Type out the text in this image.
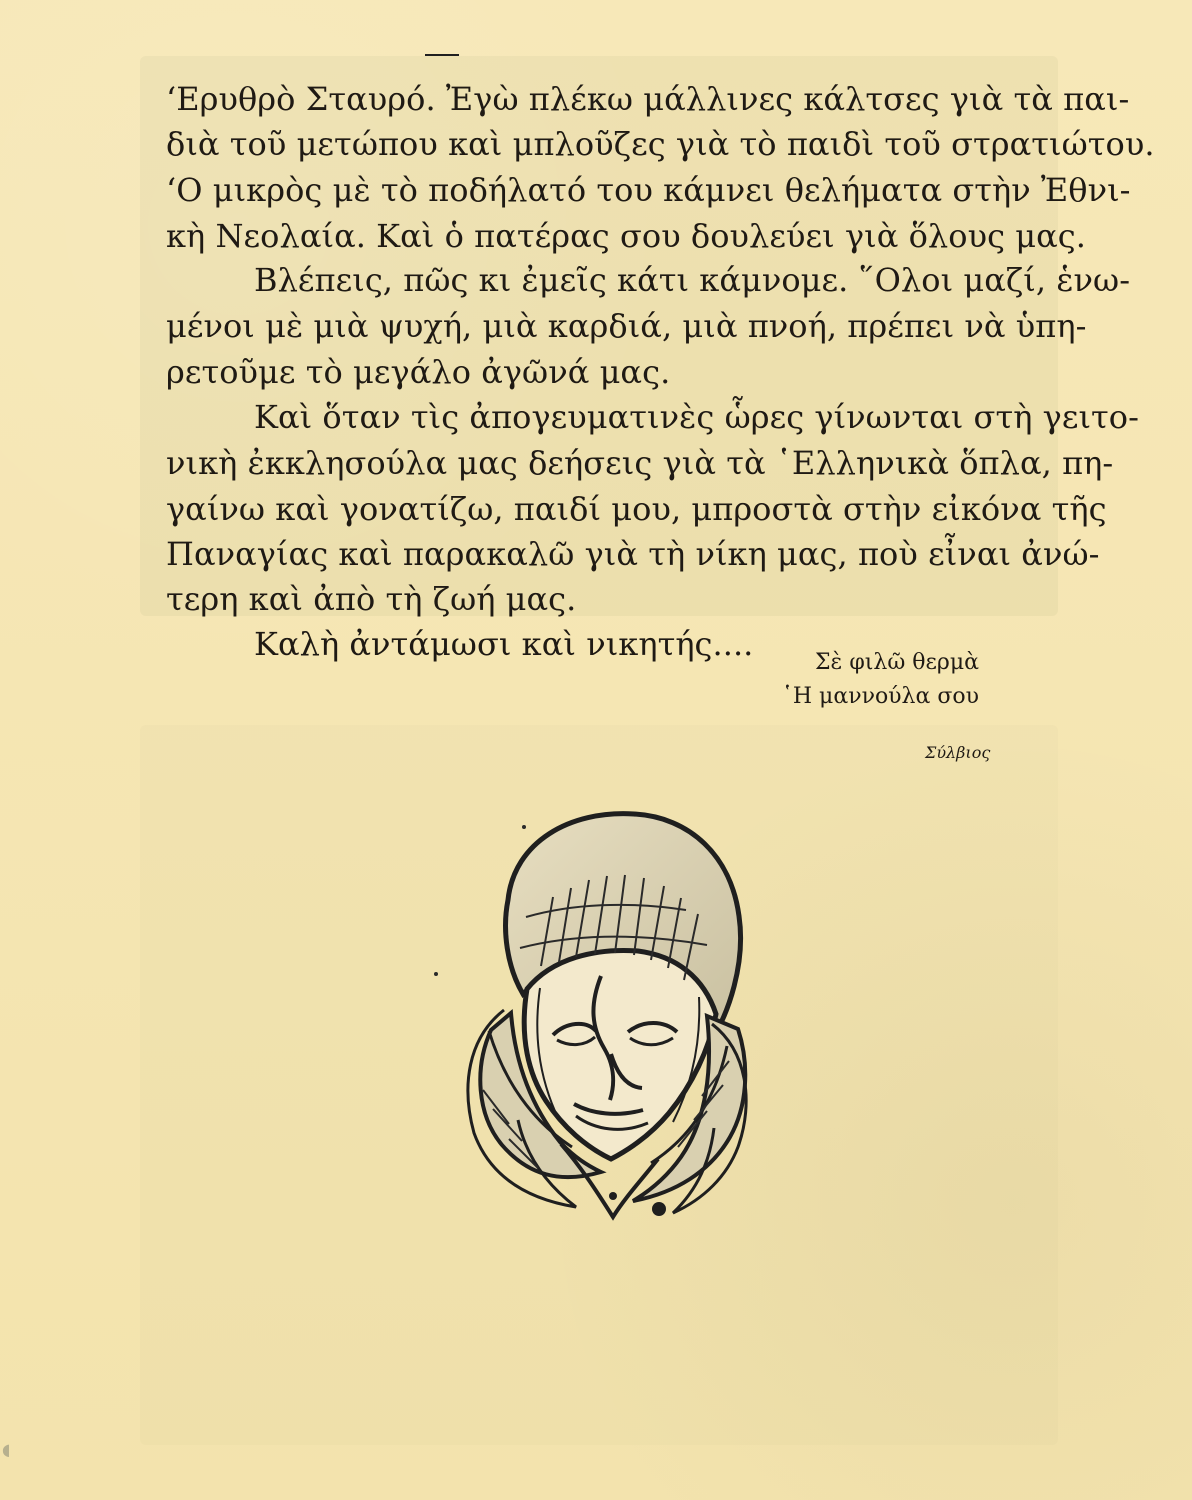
‘Ερυθρὸ Σταυρό. Ἐγὼ πλέκω μάλλινες κάλτσες γιὰ τὰ παι-
διὰ τοῦ μετώπου καὶ μπλοῦζες γιὰ τὸ παιδὶ τοῦ στρατιώτου.
‘Ο μικρὸς μὲ τὸ ποδήλατό του κάμνει θελήματα στὴν Ἐθνι-
κὴ Νεολαία. Καὶ ὁ πατέρας σου δουλεύει γιὰ ὅλους μας.
Βλέπεις, πῶς κι ἐμεῖς κάτι κάμνομε. ῞Ολοι μαζί, ἑνω-
μένοι μὲ μιὰ ψυχή, μιὰ καρδιά, μιὰ πνοή, πρέπει νὰ ὑπη-
ρετοῦμε τὸ μεγάλο ἀγῶνά μας.
Καὶ ὅταν τὶς ἀπογευματινὲς ὧρες γίνωνται στὴ γειτο-
νικὴ ἐκκλησούλα μας δεήσεις γιὰ τὰ ῾Ελληνικὰ ὅπλα, πη-
γαίνω καὶ γονατίζω, παιδί μου, μπροστὰ στὴν εἰκόνα τῆς
Παναγίας καὶ παρακαλῶ γιὰ τὴ νίκη μας, ποὺ εἶναι ἀνώ-
τερη καὶ ἀπὸ τὴ ζωή μας.
Καλὴ ἀντάμωσι καὶ νικητής....	Σὲ φιλῶ θερμὰ
῾Η μαννούλα σου
Σύλβιος
◖
